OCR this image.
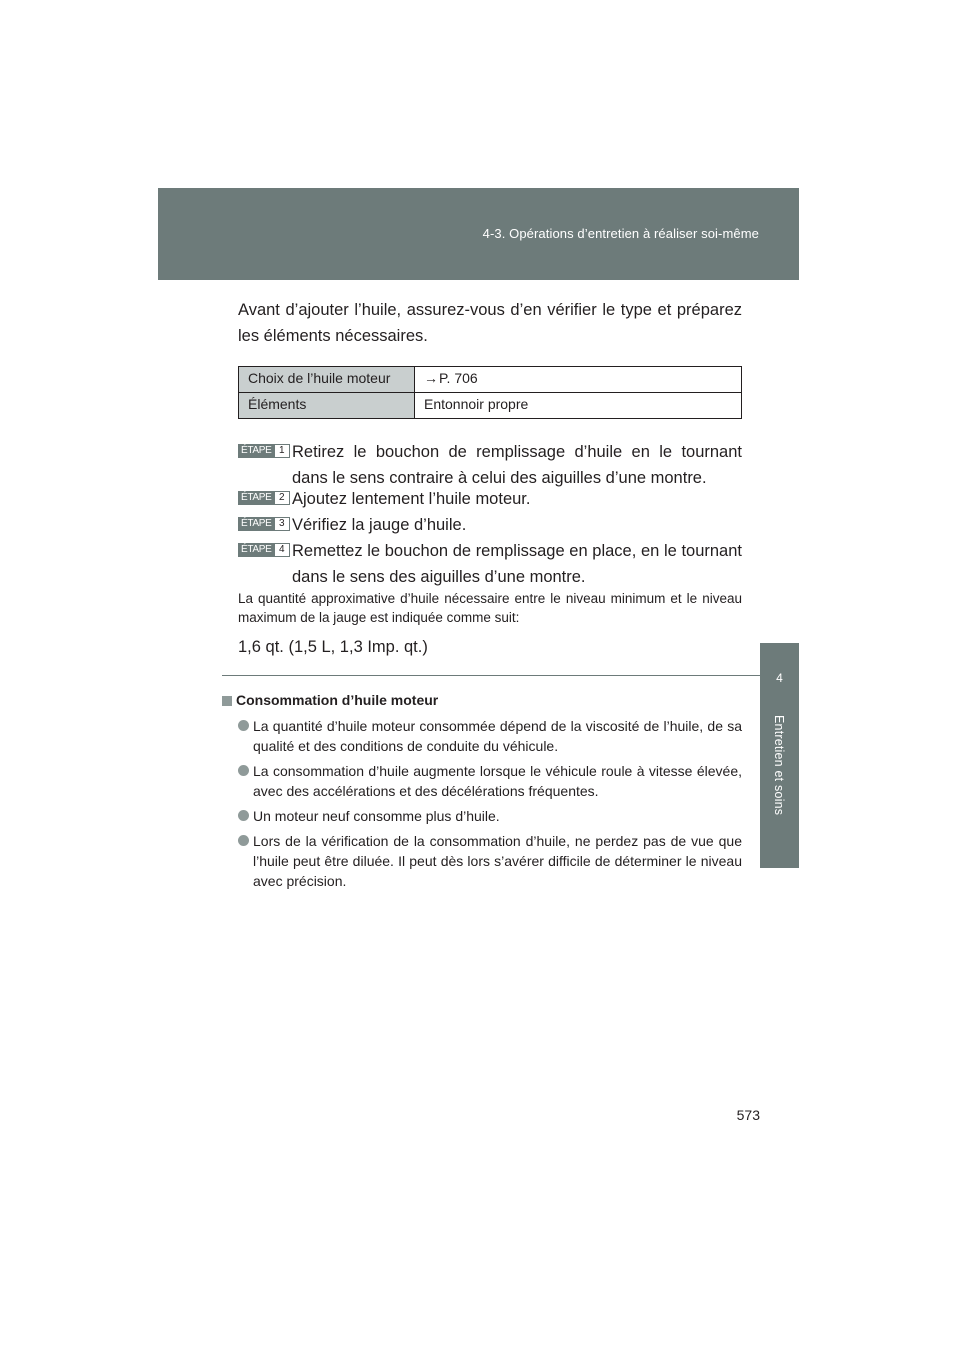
4-3. Opérations d’entretien à réaliser soi-même
4
Entretien et soins
Avant d’ajouter l’huile, assurez-vous d’en vérifier le type et préparez les éléments nécessaires.
Choix de l’huile moteur	→P. 706
Éléments	Entonnoir propre
ÉTAPE 1 Retirez le bouchon de remplissage d’huile en le tournant dans le sens contraire à celui des aiguilles d’une montre.
ÉTAPE 2 Ajoutez lentement l’huile moteur.
ÉTAPE 3 Vérifiez la jauge d’huile.
ÉTAPE 4 Remettez le bouchon de remplissage en place, en le tournant dans le sens des aiguilles d’une montre.
La quantité approximative d’huile nécessaire entre le niveau minimum et le niveau maximum de la jauge est indiquée comme suit:
1,6 qt. (1,5 L, 1,3 Imp. qt.)
Consommation d’huile moteur
La quantité d’huile moteur consommée dépend de la viscosité de l’huile, de sa qualité et des conditions de conduite du véhicule.
La consommation d’huile augmente lorsque le véhicule roule à vitesse élevée, avec des accélérations et des décélérations fréquentes.
Un moteur neuf consomme plus d’huile.
Lors de la vérification de la consommation d’huile, ne perdez pas de vue que l’huile peut être diluée. Il peut dès lors s’avérer difficile de déterminer le niveau avec précision.
573
